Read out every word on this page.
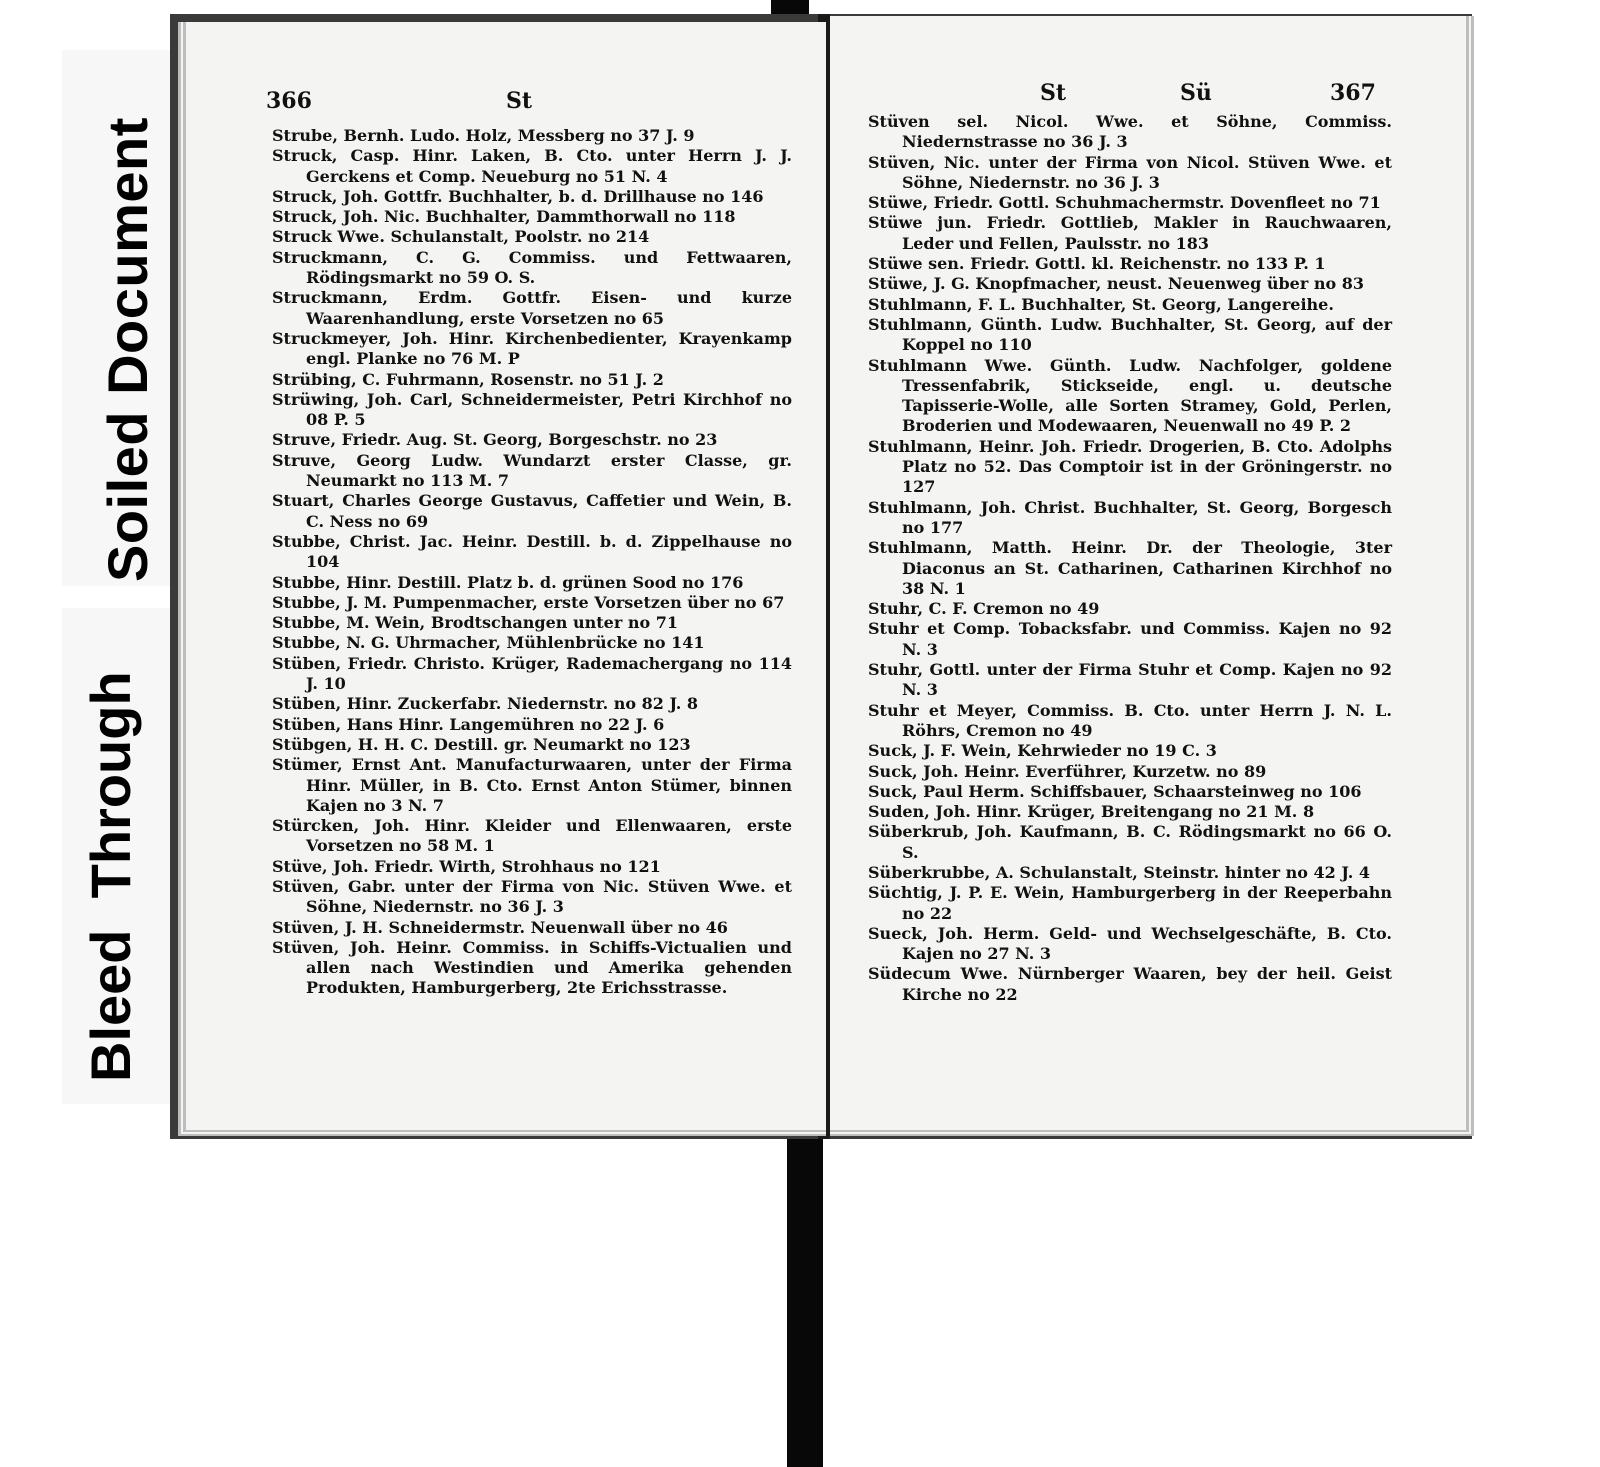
Soiled Document
Bleed  Through
366	St

Strube, Bernh. Ludo. Holz, Messberg no 37 J. 9

Struck, Casp. Hinr. Laken, B. Cto. unter Herrn J. J. Gerckens et Comp. Neueburg no 51 N. 4

Struck, Joh. Gottfr. Buchhalter, b. d. Drillhause no 146

Struck, Joh. Nic. Buchhalter, Dammthorwall no 118

Struck Wwe. Schulanstalt, Poolstr. no 214

Struckmann, C. G. Commiss. und Fettwaaren, Rödingsmarkt no 59 O. S.

Struckmann, Erdm. Gottfr. Eisen- und kurze Waarenhandlung, erste Vorsetzen no 65

Struckmeyer, Joh. Hinr. Kirchenbedienter, Krayenkamp engl. Planke no 76 M. P

Strübing, C. Fuhrmann, Rosenstr. no 51 J. 2

Strüwing, Joh. Carl, Schneidermeister, Petri Kirchhof no 08 P. 5

Struve, Friedr. Aug. St. Georg, Borgeschstr. no 23

Struve, Georg Ludw. Wundarzt erster Classe, gr. Neumarkt no 113 M. 7

Stuart, Charles George Gustavus, Caffetier und Wein, B. C. Ness no 69

Stubbe, Christ. Jac. Heinr. Destill. b. d. Zippelhause no 104

Stubbe, Hinr. Destill. Platz b. d. grünen Sood no 176

Stubbe, J. M. Pumpenmacher, erste Vorsetzen über no 67

Stubbe, M. Wein, Brodtschangen unter no 71

Stubbe, N. G. Uhrmacher, Mühlenbrücke no 141

Stüben, Friedr. Christo. Krüger, Rademachergang no 114 J. 10

Stüben, Hinr. Zuckerfabr. Niedernstr. no 82 J. 8

Stüben, Hans Hinr. Langemühren no 22 J. 6

Stübgen, H. H. C. Destill. gr. Neumarkt no 123

Stümer, Ernst Ant. Manufacturwaaren, unter der Firma Hinr. Müller, in B. Cto. Ernst Anton Stümer, binnen Kajen no 3 N. 7

Stürcken, Joh. Hinr. Kleider und Ellenwaaren, erste Vorsetzen no 58 M. 1

Stüve, Joh. Friedr. Wirth, Strohhaus no 121

Stüven, Gabr. unter der Firma von Nic. Stüven Wwe. et Söhne, Niedernstr. no 36 J. 3

Stüven, J. H. Schneidermstr. Neuenwall über no 46

Stüven, Joh. Heinr. Commiss. in Schiffs-Victualien und allen nach Westindien und Amerika gehenden Produkten, Hamburgerberg, 2te Erichsstrasse.

St	Sü	367

Stüven sel. Nicol. Wwe. et Söhne, Commiss. Niedernstrasse no 36 J. 3

Stüven, Nic. unter der Firma von Nicol. Stüven Wwe. et Söhne, Niedernstr. no 36 J. 3

Stüwe, Friedr. Gottl. Schuhmachermstr. Dovenfleet no 71

Stüwe jun. Friedr. Gottlieb, Makler in Rauchwaaren, Leder und Fellen, Paulsstr. no 183

Stüwe sen. Friedr. Gottl. kl. Reichenstr. no 133 P. 1

Stüwe, J. G. Knopfmacher, neust. Neuenweg über no 83

Stuhlmann, F. L. Buchhalter, St. Georg, Langereihe.

Stuhlmann, Günth. Ludw. Buchhalter, St. Georg, auf der Koppel no 110

Stuhlmann Wwe. Günth. Ludw. Nachfolger, goldene Tressenfabrik, Stickseide, engl. u. deutsche Tapisserie-Wolle, alle Sorten Stramey, Gold, Perlen, Broderien und Modewaaren, Neuenwall no 49 P. 2

Stuhlmann, Heinr. Joh. Friedr. Drogerien, B. Cto. Adolphs Platz no 52. Das Comptoir ist in der Gröningerstr. no 127

Stuhlmann, Joh. Christ. Buchhalter, St. Georg, Borgesch no 177

Stuhlmann, Matth. Heinr. Dr. der Theologie, 3ter Diaconus an St. Catharinen, Catharinen Kirchhof no 38 N. 1

Stuhr, C. F. Cremon no 49

Stuhr et Comp. Tobacksfabr. und Commiss. Kajen no 92 N. 3

Stuhr, Gottl. unter der Firma Stuhr et Comp. Kajen no 92 N. 3

Stuhr et Meyer, Commiss. B. Cto. unter Herrn J. N. L. Röhrs, Cremon no 49

Suck, J. F. Wein, Kehrwieder no 19 C. 3

Suck, Joh. Heinr. Everführer, Kurzetw. no 89

Suck, Paul Herm. Schiffsbauer, Schaarsteinweg no 106

Suden, Joh. Hinr. Krüger, Breitengang no 21 M. 8

Süberkrub, Joh. Kaufmann, B. C. Rödingsmarkt no 66 O. S.

Süberkrubbe, A. Schulanstalt, Steinstr. hinter no 42 J. 4

Süchtig, J. P. E. Wein, Hamburgerberg in der Reeperbahn no 22

Sueck, Joh. Herm. Geld- und Wechselgeschäfte, B. Cto. Kajen no 27 N. 3

Südecum Wwe. Nürnberger Waaren, bey der heil. Geist Kirche no 22
